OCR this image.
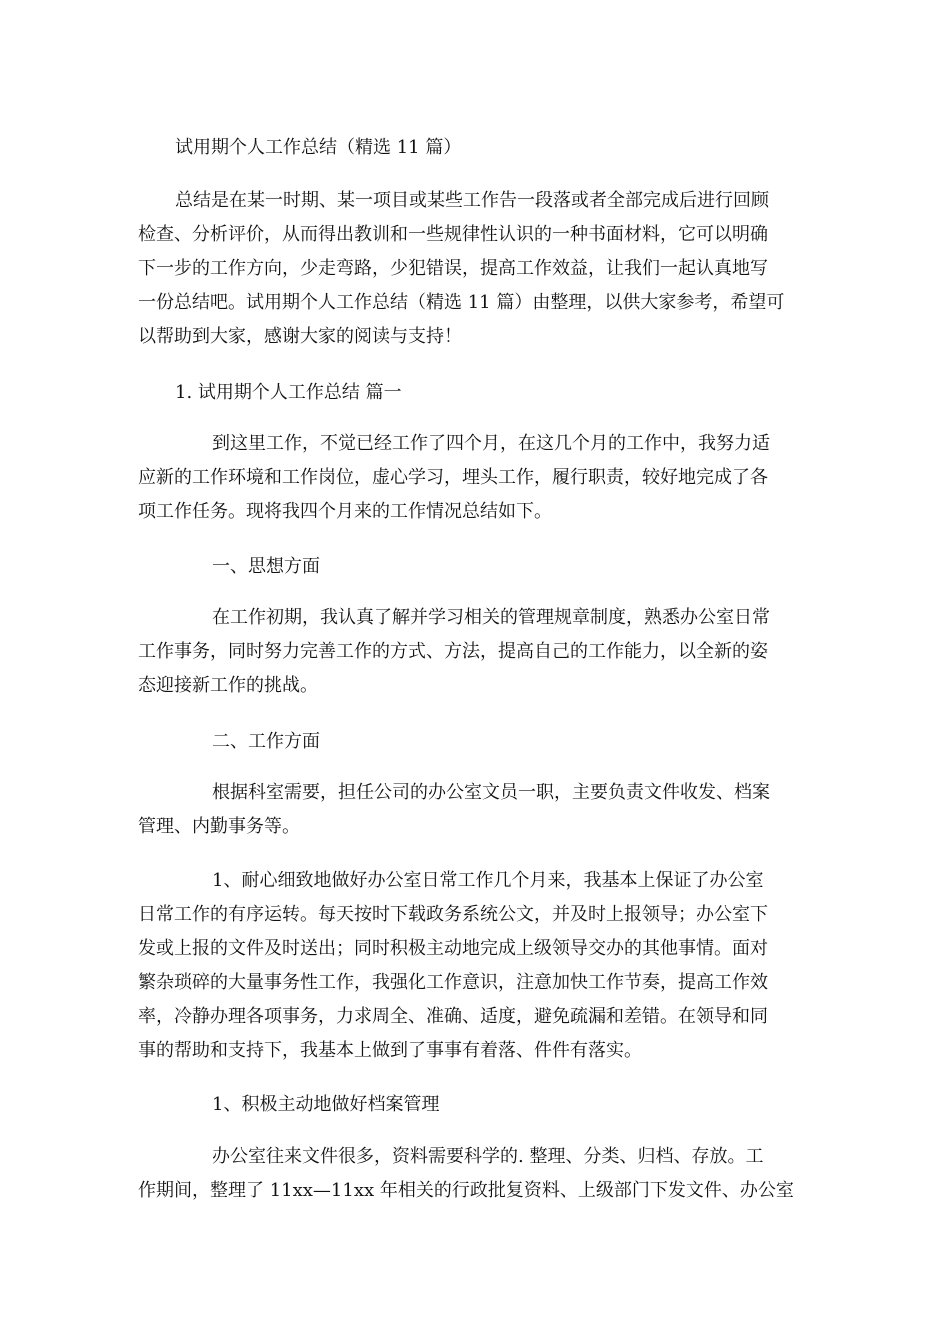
试用期个人工作总结（精选 11 篇）

总结是在某一时期、某一项目或某些工作告一段落或者全部完成后进行回顾
检查、分析评价，从而得出教训和一些规律性认识的一种书面材料，它可以明确
下一步的工作方向，少走弯路，少犯错误，提高工作效益，让我们一起认真地写
一份总结吧。试用期个人工作总结（精选 11 篇）由整理，以供大家参考，希望可
以帮助到大家，感谢大家的阅读与支持！

1. 试用期个人工作总结 篇一

到这里工作，不觉已经工作了四个月，在这几个月的工作中，我努力适
应新的工作环境和工作岗位，虚心学习，埋头工作，履行职责，较好地完成了各
项工作任务。现将我四个月来的工作情况总结如下。

一、思想方面

在工作初期，我认真了解并学习相关的管理规章制度，熟悉办公室日常
工作事务，同时努力完善工作的方式、方法，提高自己的工作能力，以全新的姿
态迎接新工作的挑战。

二、工作方面

根据科室需要，担任公司的办公室文员一职，主要负责文件收发、档案
管理、内勤事务等。

1、耐心细致地做好办公室日常工作几个月来，我基本上保证了办公室
日常工作的有序运转。每天按时下载政务系统公文，并及时上报领导；办公室下
发或上报的文件及时送出；同时积极主动地完成上级领导交办的其他事情。面对
繁杂琐碎的大量事务性工作，我强化工作意识，注意加快工作节奏，提高工作效
率，冷静办理各项事务，力求周全、准确、适度，避免疏漏和差错。在领导和同
事的帮助和支持下，我基本上做到了事事有着落、件件有落实。

1、积极主动地做好档案管理

办公室往来文件很多，资料需要科学的. 整理、分类、归档、存放。工
作期间，整理了 11xx—11xx 年相关的行政批复资料、上级部门下发文件、办公室
